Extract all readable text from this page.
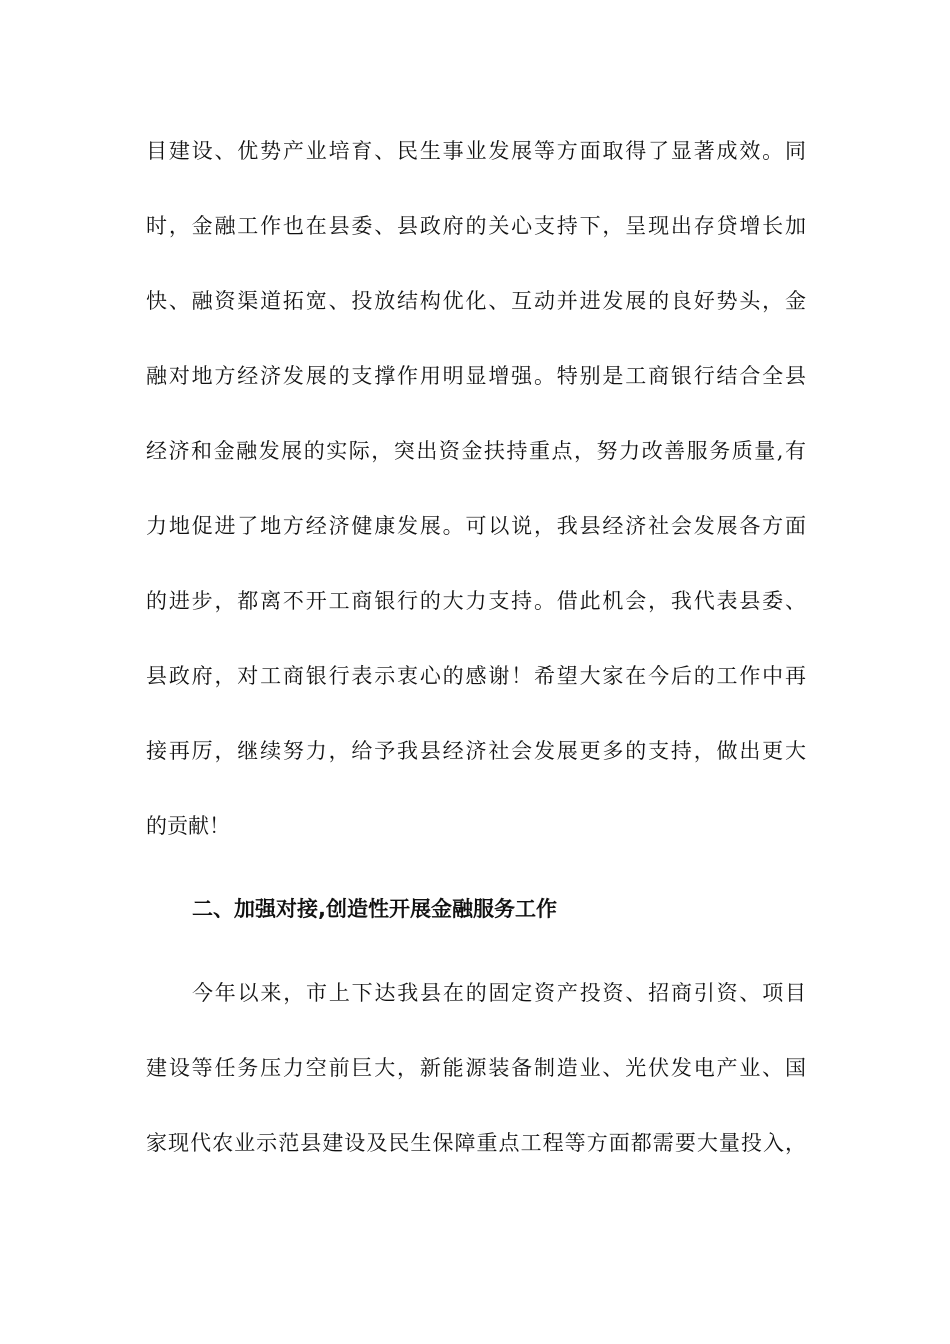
目建设、优势产业培育、民生事业发展等方面取得了显著成效。同
时，金融工作也在县委、县政府的关心支持下，呈现出存贷增长加
快、融资渠道拓宽、投放结构优化、互动并进发展的良好势头，金
融对地方经济发展的支撑作用明显增强。特别是工商银行结合全县
经济和金融发展的实际，突出资金扶持重点，努力改善服务质量,有
力地促进了地方经济健康发展。可以说，我县经济社会发展各方面
的进步，都离不开工商银行的大力支持。借此机会，我代表县委、
县政府，对工商银行表示衷心的感谢！希望大家在今后的工作中再
接再厉，继续努力，给予我县经济社会发展更多的支持，做出更大
的贡献！
二、加强对接,创造性开展金融服务工作
今年以来，市上下达我县在的固定资产投资、招商引资、项目
建设等任务压力空前巨大，新能源装备制造业、光伏发电产业、国
家现代农业示范县建设及民生保障重点工程等方面都需要大量投入，
